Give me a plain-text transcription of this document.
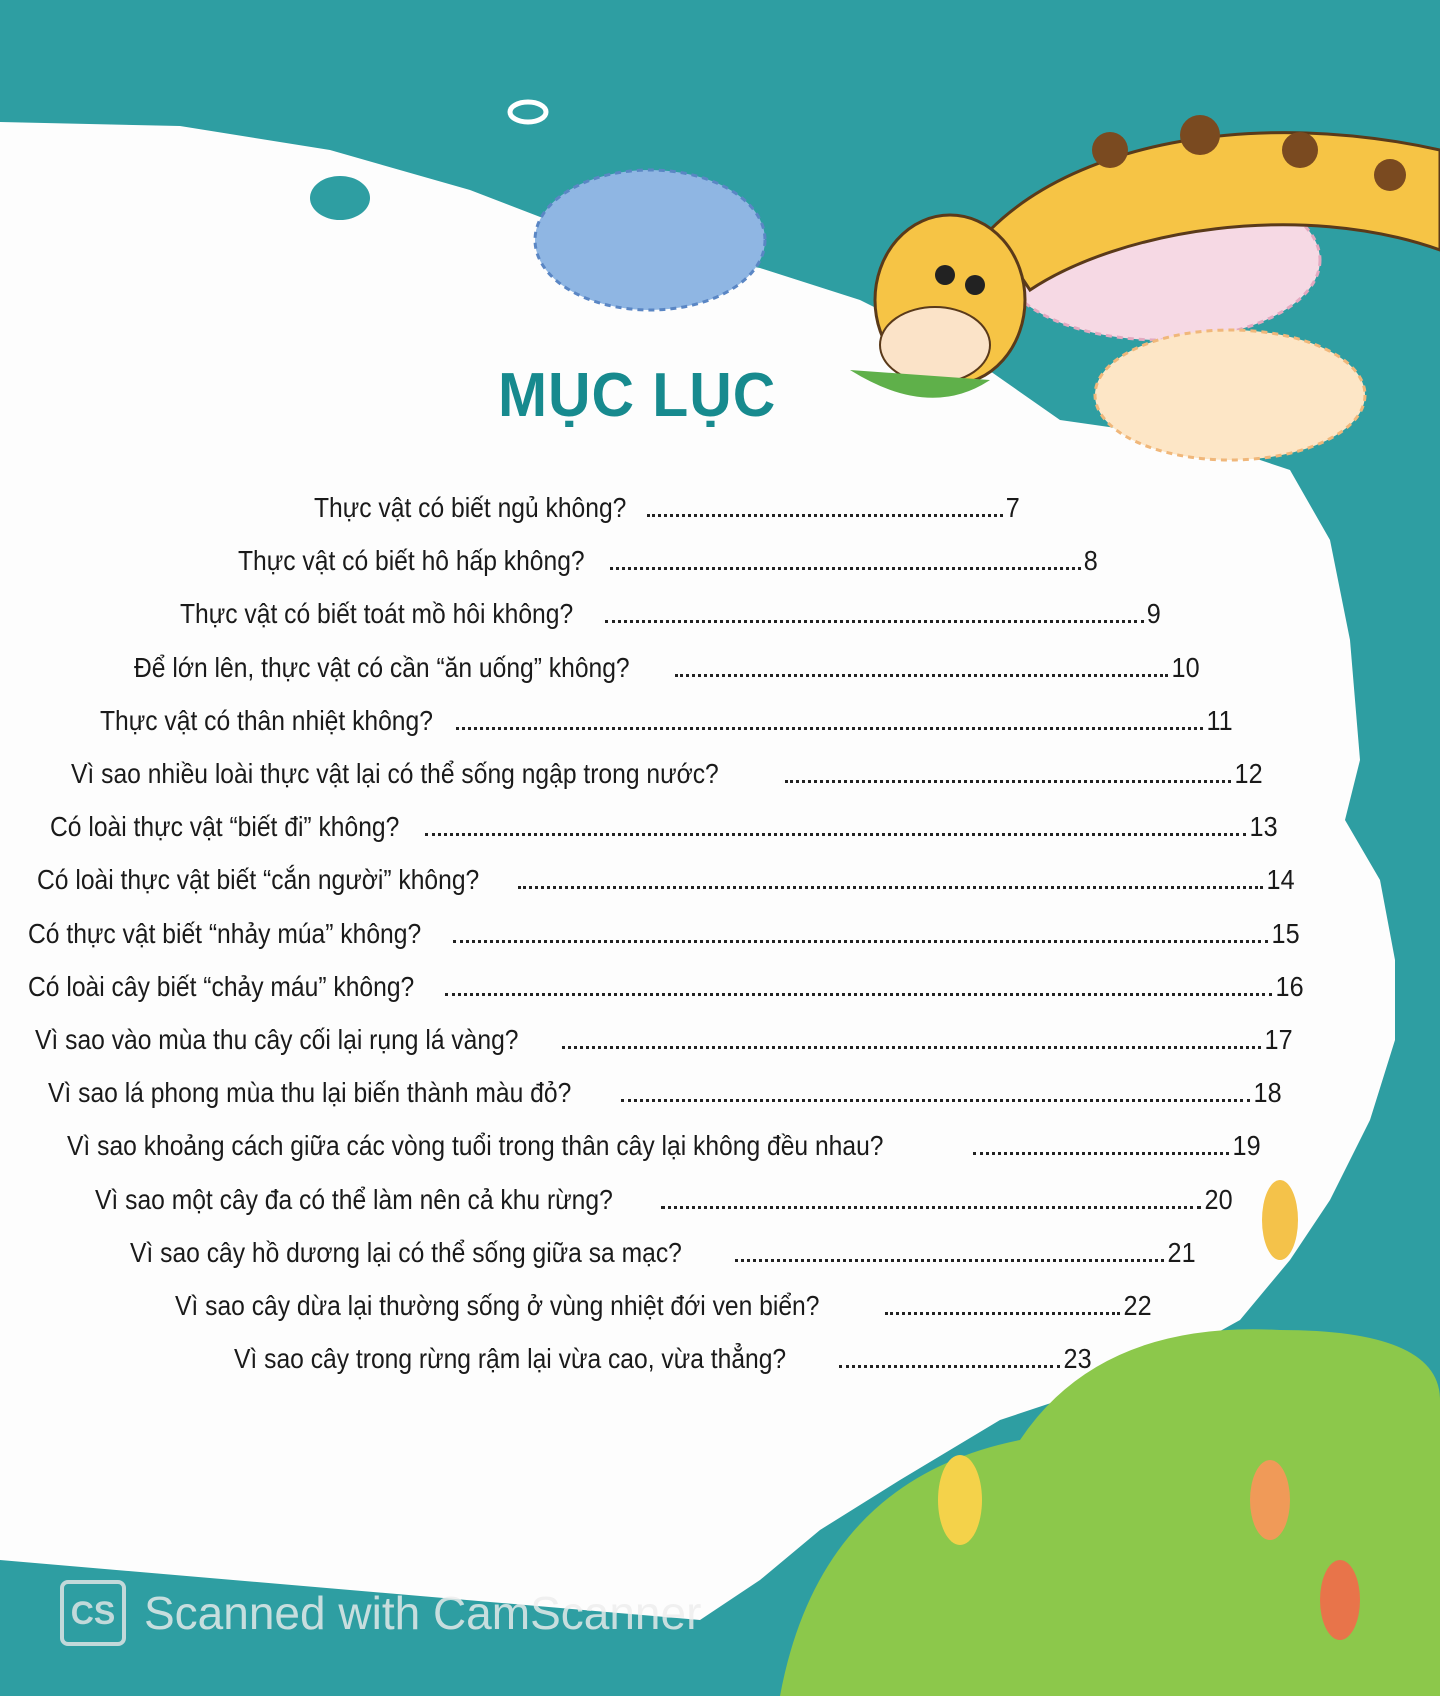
MỤC LỤC
Thực vật có biết ngủ không?	7
Thực vật có biết hô hấp không?	8
Thực vật có biết toát mồ hôi không?	9
Để lớn lên, thực vật có cần “ăn uống” không?	10
Thực vật có thân nhiệt không?	11
Vì sao nhiều loài thực vật lại có thể sống ngập trong nước?	12
Có loài thực vật “biết đi” không?	13
Có loài thực vật biết “cắn người” không?	14
Có thực vật biết “nhảy múa” không?	15
Có loài cây biết “chảy máu” không?	16
Vì sao vào mùa thu cây cối lại rụng lá vàng?	17
Vì sao lá phong mùa thu lại biến thành màu đỏ?	18
Vì sao khoảng cách giữa các vòng tuổi trong thân cây lại không đều nhau?	19
Vì sao một cây đa có thể làm nên cả khu rừng?	20
Vì sao cây hồ dương lại có thể sống giữa sa mạc?	21
Vì sao cây dừa lại thường sống ở vùng nhiệt đới ven biển?	22
Vì sao cây trong rừng rậm lại vừa cao, vừa thẳng?	23
CS Scanned with CamScanner
